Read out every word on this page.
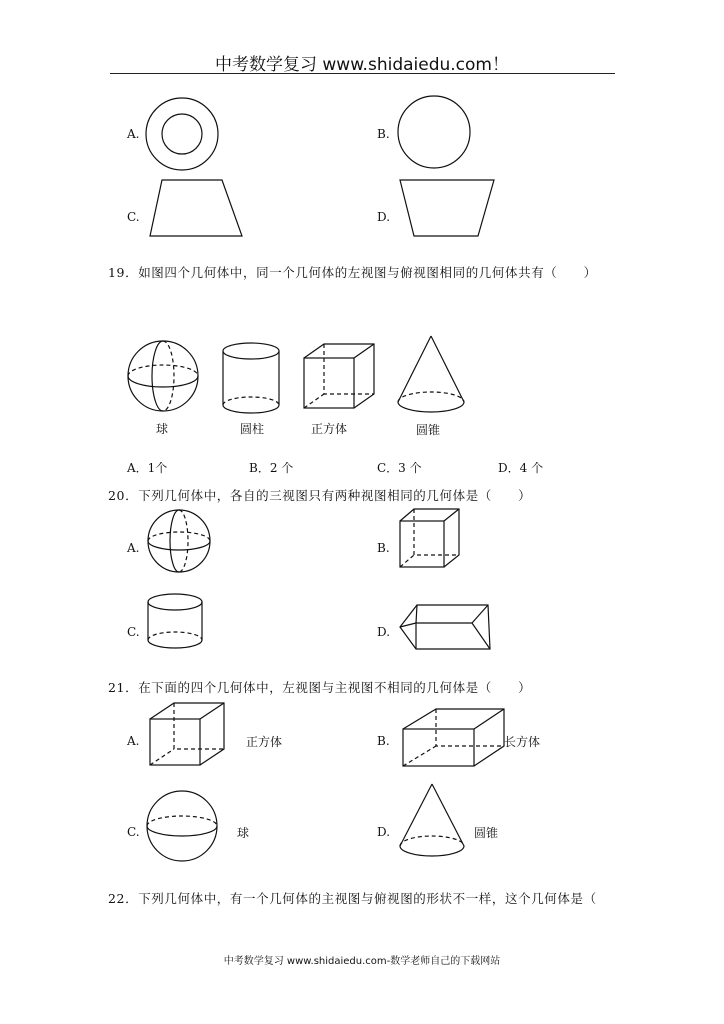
中考数学复习 www.shidaiedu.com！
A.	B.
C.	D.
19．如图四个几何体中，同一个几何体的左视图与俯视图相同的几何体共有（　　）
球	圆柱	正方体	圆锥
A．1个	B．2 个	C．3 个	D．4 个
20．下列几何体中，各自的三视图只有两种视图相同的几何体是（　　）
A.	B.
C.	D.
21．在下面的四个几何体中，左视图与主视图不相同的几何体是（　　）
A.	正方体	B.	长方体
C.	球	D.	圆锥
22．下列几何体中，有一个几何体的主视图与俯视图的形状不一样，这个几何体是（
中考数学复习 www.shidaiedu.com-数学老师自己的下载网站
